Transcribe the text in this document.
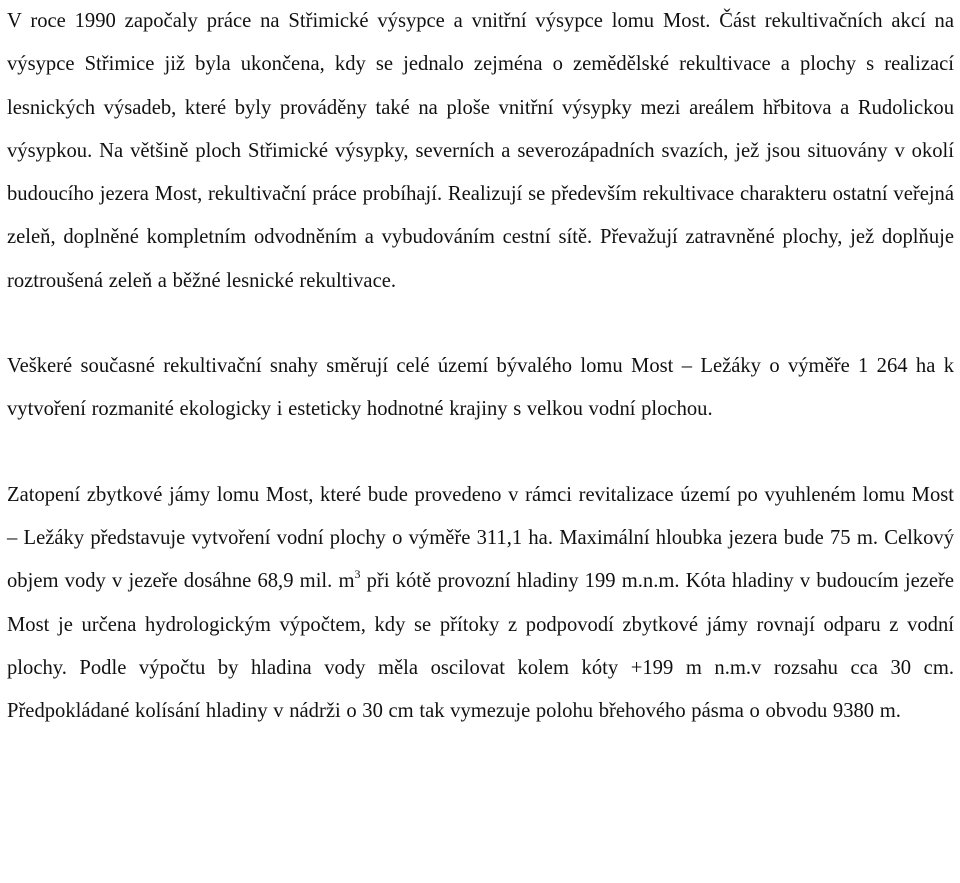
V roce 1990 započaly práce na Střimické výsypce a vnitřní výsypce lomu Most. Část rekultivačních akcí na výsypce Střimice již byla ukončena, kdy se jednalo zejména o zemědělské rekultivace a plochy s realizací lesnických výsadeb, které byly prováděny také na ploše vnitřní výsypky mezi areálem hřbitova a Rudolickou výsypkou. Na většině ploch Střimické výsypky, severních a severozápadních svazích, jež jsou situovány v okolí budoucího jezera Most, rekultivační práce probíhají. Realizují se především rekultivace charakteru ostatní veřejná zeleň, doplněné kompletním odvodněním a vybudováním cestní sítě. Převažují zatravněné plochy, jež doplňuje roztroušená zeleň a běžné lesnické rekultivace.

Veškeré současné rekultivační snahy směrují celé území bývalého lomu Most – Ležáky o výměře 1 264 ha k vytvoření rozmanité ekologicky i esteticky hodnotné krajiny s velkou vodní plochou.

Zatopení zbytkové jámy lomu Most, které bude provedeno v rámci revitalizace území po vyuhleném lomu Most – Ležáky představuje vytvoření vodní plochy o výměře 311,1 ha. Maximální hloubka jezera bude 75 m. Celkový objem vody v jezeře dosáhne 68,9 mil. $m^3$ při kótě provozní hladiny 199 m.n.m. Kóta hladiny v budoucím jezeře Most je určena hydrologickým výpočtem, kdy se přítoky z podpovodí zbytkové jámy rovnají odparu z vodní plochy. Podle výpočtu by hladina vody měla oscilovat kolem kóty +199 m n.m.v rozsahu cca 30 cm. Předpokládané kolísání hladiny v nádrži o 30 cm tak vymezuje polohu břehového pásma o obvodu 9380 m.
